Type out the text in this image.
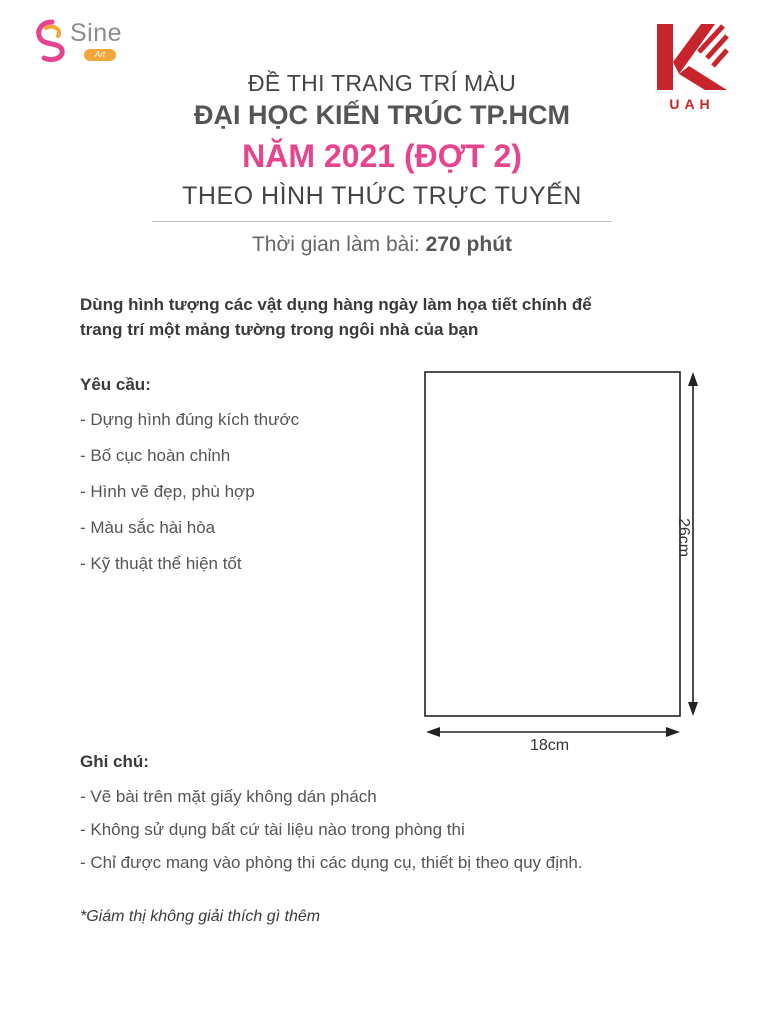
Sine
Art
UAH
ĐỀ THI TRANG TRÍ MÀU
ĐẠI HỌC KIẾN TRÚC TP.HCM
NĂM 2021 (ĐỢT 2)
THEO HÌNH THỨC TRỰC TUYẾN
Thời gian làm bài: 270 phút
Dùng hình tượng các vật dụng hàng ngày làm họa tiết chính để
trang trí một mảng tường trong ngôi nhà của bạn
Yêu cầu:
- Dựng hình đúng kích thước
- Bố cục hoàn chỉnh
- Hình vẽ đẹp, phù hợp
- Màu sắc hài hòa
- Kỹ thuật thể hiện tốt
26cm
18cm
Ghi chú:
- Vẽ bài trên mặt giấy không dán phách
- Không sử dụng bất cứ tài liệu nào trong phòng thi
- Chỉ được mang vào phòng thi các dụng cụ, thiết bị theo quy định.
*Giám thị không giải thích gì thêm
